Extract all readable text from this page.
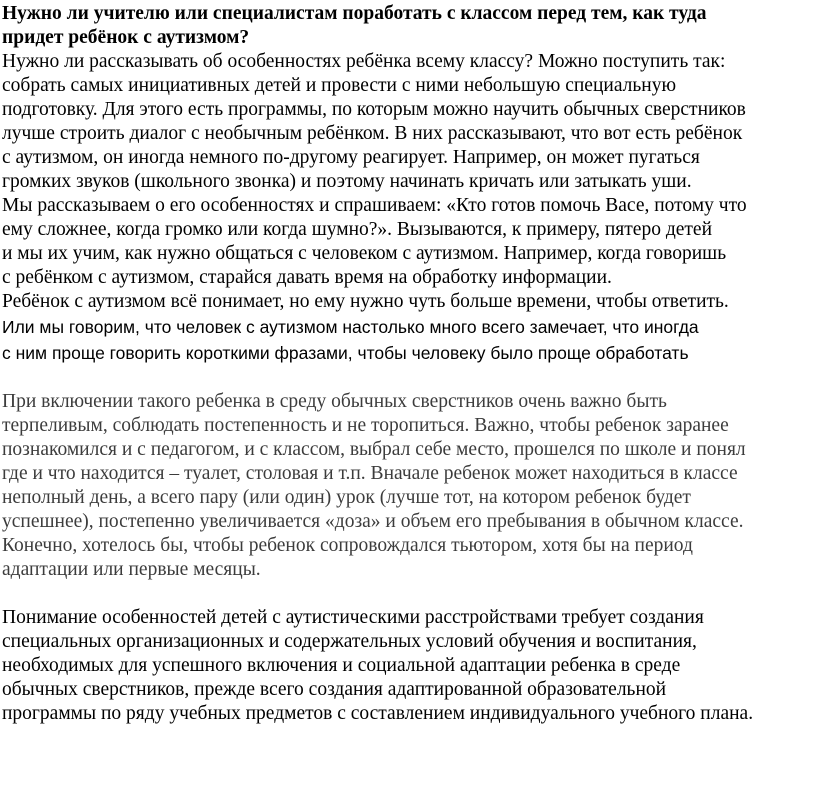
Нужно ли учителю или специалистам поработать с классом перед тем, как туда
придет ребёнок с аутизмом?
Нужно ли рассказывать об особенностях ребёнка всему классу? Можно поступить так:
собрать самых инициативных детей и провести с ними небольшую специальную
подготовку. Для этого есть программы, по которым можно научить обычных сверстников
лучше строить диалог с необычным ребёнком. В них рассказывают, что вот есть ребёнок
с аутизмом, он иногда немного по-другому реагирует. Например, он может пугаться
громких звуков (школьного звонка) и поэтому начинать кричать или затыкать уши.
Мы рассказываем о его особенностях и спрашиваем: «Кто готов помочь Васе, потому что
ему сложнее, когда громко или когда шумно?». Вызываются, к примеру, пятеро детей
и мы их учим, как нужно общаться с человеком с аутизмом. Например, когда говоришь
с ребёнком с аутизмом, старайся давать время на обработку информации.
Ребёнок с аутизмом всё понимает, но ему нужно чуть больше времени, чтобы ответить.
Или мы говорим, что человек с аутизмом настолько много всего замечает, что иногда
с ним проще говорить короткими фразами, чтобы человеку было проще обработать
При включении такого ребенка в среду обычных сверстников очень важно быть
терпеливым, соблюдать постепенность и не торопиться. Важно, чтобы ребенок заранее
познакомился и с педагогом, и с классом, выбрал себе место, прошелся по школе и понял
где и что находится – туалет, столовая и т.п. Вначале ребенок может находиться в классе
неполный день, а всего пару (или один) урок (лучше тот, на котором ребенок будет
успешнее), постепенно увеличивается «доза» и объем его пребывания в обычном классе.
Конечно, хотелось бы, чтобы ребенок сопровождался тьютором, хотя бы на период
адаптации или первые месяцы.
Понимание особенностей детей с аутистическими расстройствами требует создания
специальных организационных и содержательных условий обучения и воспитания,
необходимых для успешного включения и социальной адаптации ребенка в среде
обычных сверстников, прежде всего создания адаптированной образовательной
программы по ряду учебных предметов с составлением индивидуального учебного плана.
